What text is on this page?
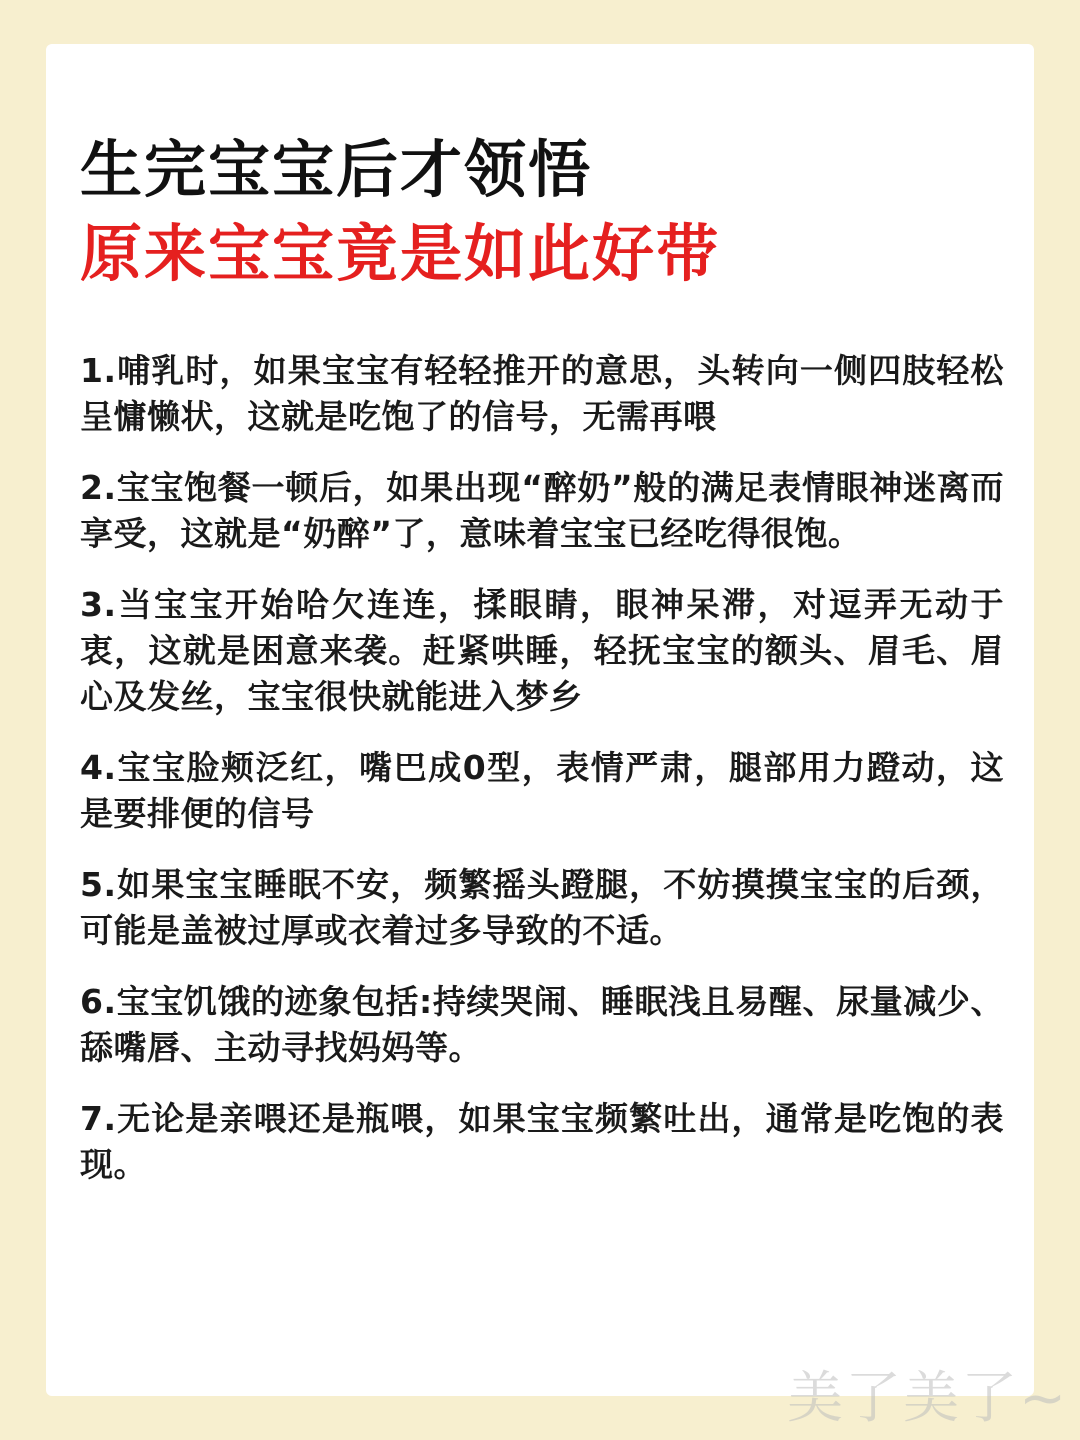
生完宝宝后才领悟
原来宝宝竟是如此好带

1.哺乳时，如果宝宝有轻轻推开的意思，头转向一侧四肢轻松呈慵懒状，这就是吃饱了的信号，无需再喂

2.宝宝饱餐一顿后，如果出现“醉奶”般的满足表情眼神迷离而享受，这就是“奶醉”了，意味着宝宝已经吃得很饱。

3.当宝宝开始哈欠连连，揉眼睛，眼神呆滞，对逗弄无动于衷，这就是困意来袭。赶紧哄睡，轻抚宝宝的额头、眉毛、眉心及发丝，宝宝很快就能进入梦乡

4.宝宝脸颊泛红，嘴巴成0型，表情严肃，腿部用力蹬动，这是要排便的信号

5.如果宝宝睡眠不安，频繁摇头蹬腿，不妨摸摸宝宝的后颈，可能是盖被过厚或衣着过多导致的不适。

6.宝宝饥饿的迹象包括:持续哭闹、睡眠浅且易醒、尿量减少、舔嘴唇、主动寻找妈妈等。

7.无论是亲喂还是瓶喂，如果宝宝频繁吐出，通常是吃饱的表现。

美了美了~
